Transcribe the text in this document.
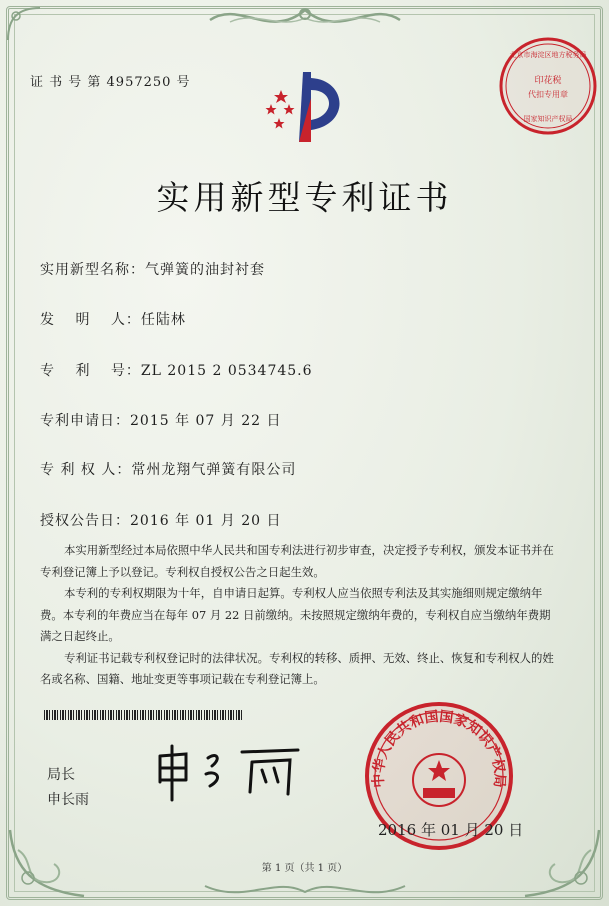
证 书 号 第 4957250 号
北京市海淀区地方税务局
印花税
代扣专用章
国家知识产权局
实用新型专利证书
实用新型名称：气弹簧的油封衬套
发　 明 　人：任陆林
专　 利 　号：ZL 2015 2 0534745.6
专利申请日：2015 年 07 月 22 日
专 利 权 人：常州龙翔气弹簧有限公司
授权公告日：2016 年 01 月 20 日

本实用新型经过本局依照中华人民共和国专利法进行初步审查，决定授予专利权，颁发本证书并在专利登记簿上予以登记。专利权自授权公告之日起生效。

本专利的专利权期限为十年，自申请日起算。专利权人应当依照专利法及其实施细则规定缴纳年费。本专利的年费应当在每年 07 月 22 日前缴纳。未按照规定缴纳年费的，专利权自应当缴纳年费期满之日起终止。

专利证书记载专利权登记时的法律状况。专利权的转移、质押、无效、终止、恢复和专利权人的姓名或名称、国籍、地址变更等事项记载在专利登记簿上。

局长
申长雨
中华人民共和国国家知识产权局
2016 年 01 月 20 日
第 1 页（共 1 页）
